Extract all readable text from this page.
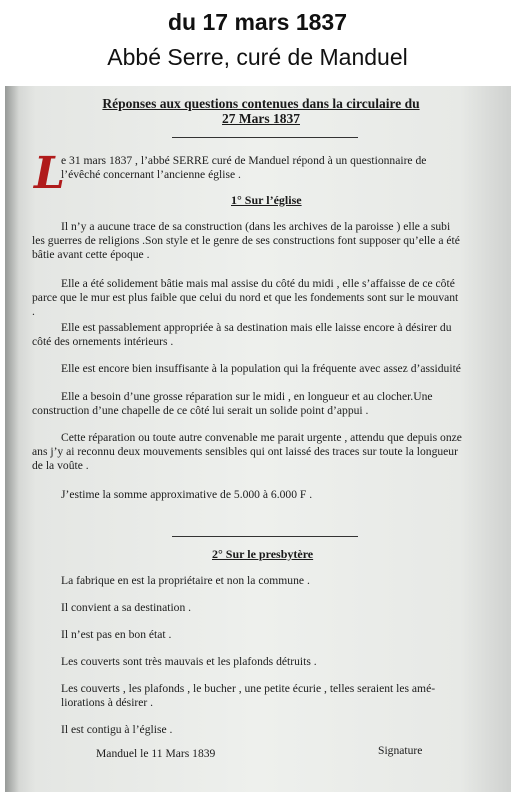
du 17 mars 1837
Abbé Serre, curé de Manduel
Réponses aux questions contenues dans la circulaire du
27 Mars 1837
L
e 31 mars 1837 , l’abbé SERRE curé de Manduel répond à un questionnaire de
l’évêché concernant l’ancienne église .
1° Sur l’église
Il n’y a aucune trace de sa construction (dans les archives de la paroisse ) elle a subi
les guerres de religions .Son style et le genre de ses constructions font supposer qu’elle a été
bâtie avant cette époque .
Elle a été solidement bâtie mais mal assise du côté du midi , elle s’affaisse de ce côté
parce que le mur est plus faible que celui du nord et que les fondements sont sur le mouvant
.
Elle est passablement appropriée à sa destination mais elle laisse encore à désirer du
côté des ornements intérieurs .
Elle est encore bien insuffisante à la population qui la fréquente avec assez d’assiduité
Elle a besoin d’une grosse réparation sur le midi , en longueur et au clocher.Une
construction d’une chapelle de ce côté lui serait un solide point d’appui .
Cette réparation ou toute autre convenable me parait urgente , attendu que depuis onze
ans j’y ai reconnu deux mouvements sensibles qui ont laissé des traces sur toute la longueur
de la voûte .
J’estime la somme approximative de 5.000 à 6.000 F .
2° Sur le presbytère
La fabrique en est la propriétaire et non la commune .
Il convient a sa destination .
Il n’est pas en bon état .
Les couverts sont très mauvais et les plafonds détruits .
Les couverts , les plafonds , le bucher , une petite écurie , telles seraient les amé-
liorations à désirer .
Il est contigu à l’église .
Manduel le 11 Mars 1839	Signature
